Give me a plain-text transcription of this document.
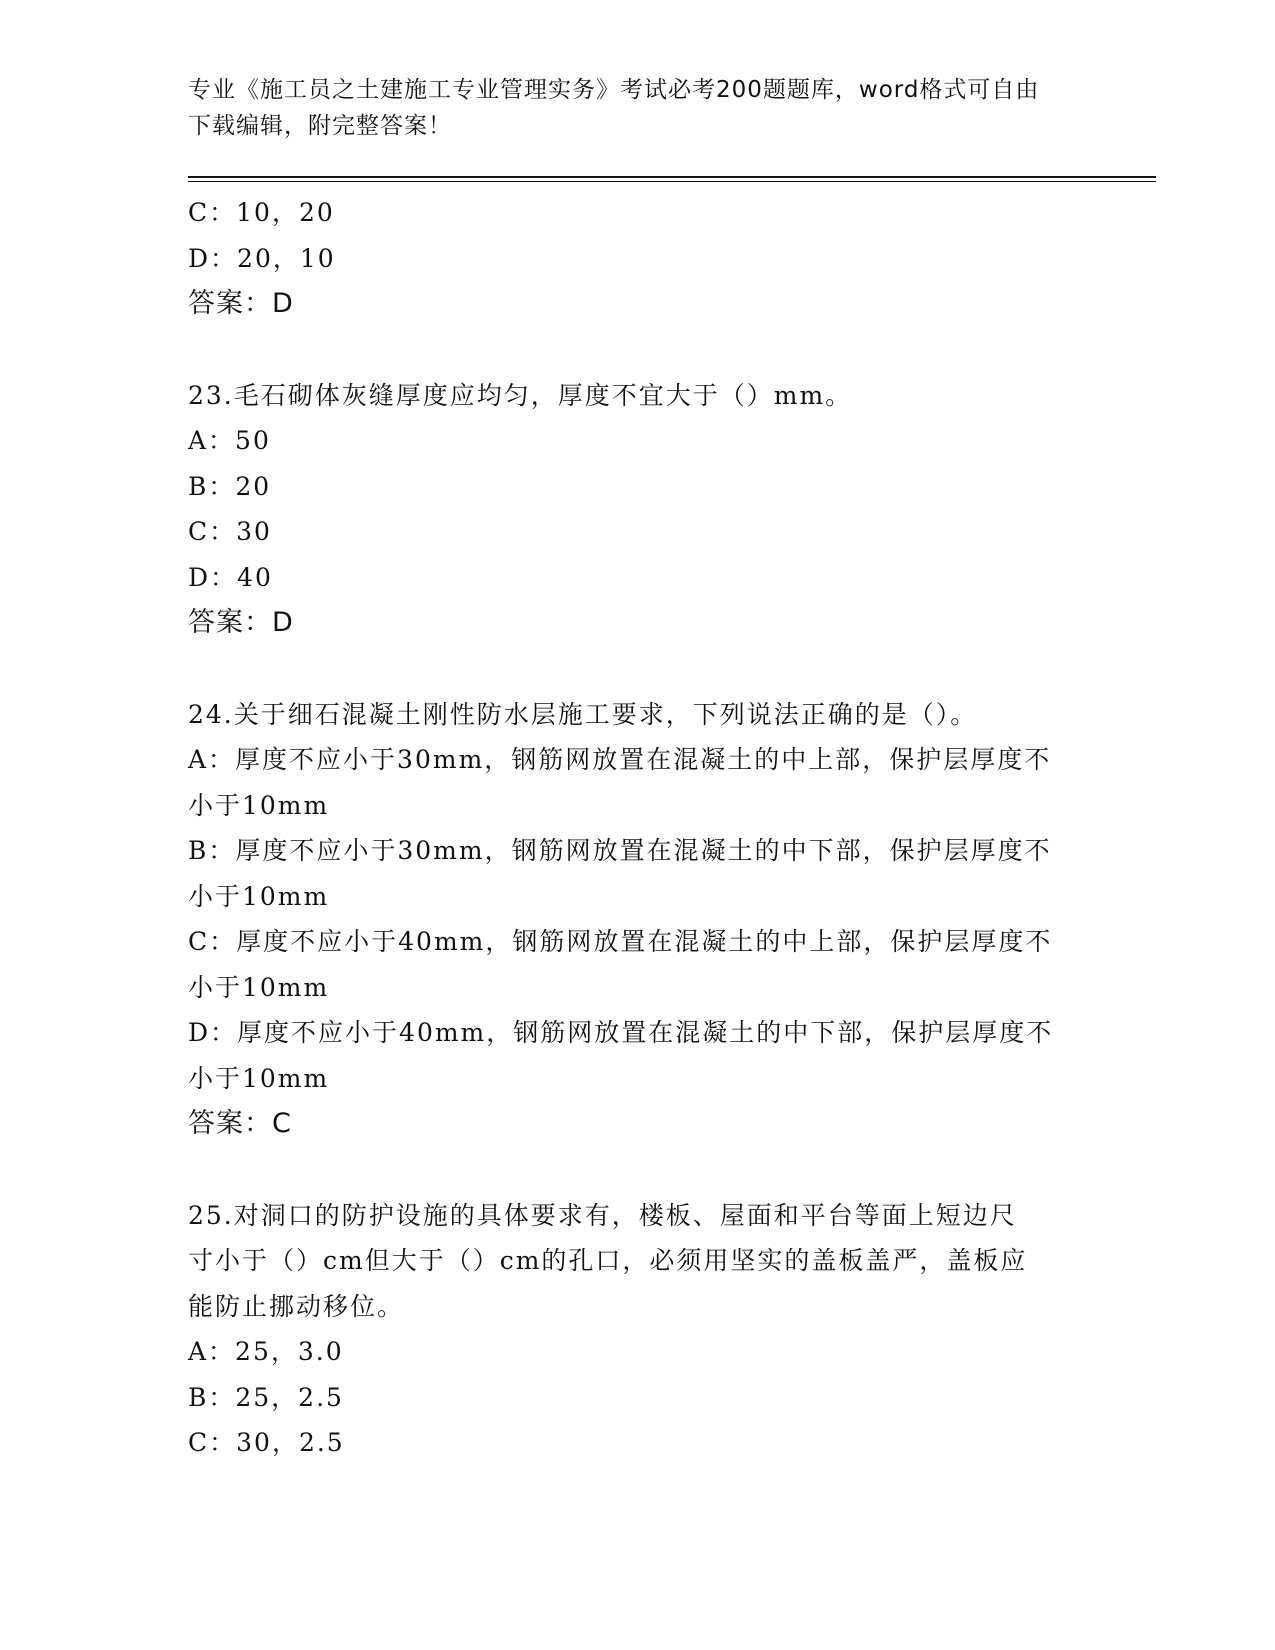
专业《施工员之土建施工专业管理实务》考试必考200题题库，word格式可自由
下载编辑，附完整答案！
C：10，20
D：20，10
答案：D
23.毛石砌体灰缝厚度应均匀，厚度不宜大于（）mm。
A：50
B：20
C：30
D：40
答案：D
24.关于细石混凝土刚性防水层施工要求，下列说法正确的是（）。
A：厚度不应小于30mm，钢筋网放置在混凝土的中上部，保护层厚度不
小于10mm
B：厚度不应小于30mm，钢筋网放置在混凝土的中下部，保护层厚度不
小于10mm
C：厚度不应小于40mm，钢筋网放置在混凝土的中上部，保护层厚度不
小于10mm
D：厚度不应小于40mm，钢筋网放置在混凝土的中下部，保护层厚度不
小于10mm
答案：C
25.对洞口的防护设施的具体要求有，楼板、屋面和平台等面上短边尺
寸小于（）cm但大于（）cm的孔口，必须用坚实的盖板盖严，盖板应
能防止挪动移位。
A：25，3.0
B：25，2.5
C：30，2.5
